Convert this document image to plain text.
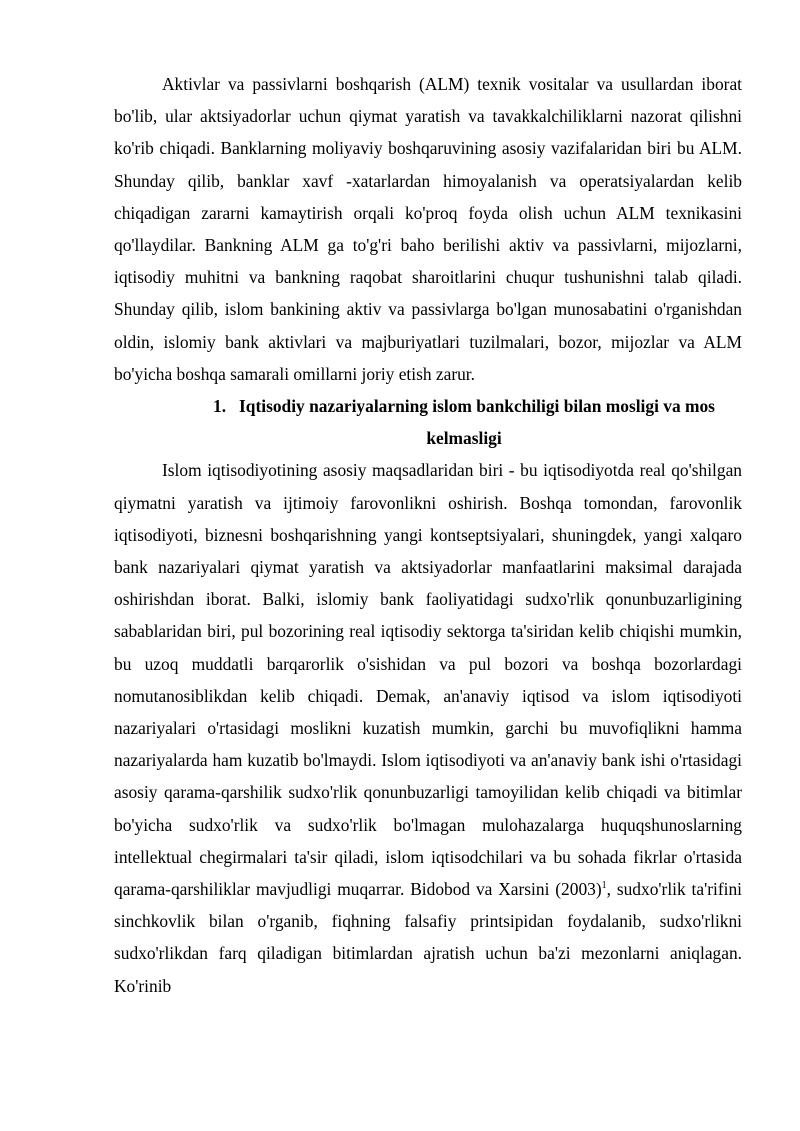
Aktivlar va passivlarni boshqarish (ALM) texnik vositalar va usullardan iborat bo'lib, ular aktsiyadorlar uchun qiymat yaratish va tavakkalchiliklarni nazorat qilishni ko'rib chiqadi. Banklarning moliyaviy boshqaruvining asosiy vazifalaridan biri bu ALM. Shunday qilib, banklar xavf -xatarlardan himoyalanish va operatsiyalardan kelib chiqadigan zararni kamaytirish orqali ko'proq foyda olish uchun ALM texnikasini qo'llaydilar. Bankning ALM ga to'g'ri baho berilishi aktiv va passivlarni, mijozlarni, iqtisodiy muhitni va bankning raqobat sharoitlarini chuqur tushunishni talab qiladi. Shunday qilib, islom bankining aktiv va passivlarga bo'lgan munosabatini o'rganishdan oldin, islomiy bank aktivlari va majburiyatlari tuzilmalari, bozor, mijozlar va ALM bo'yicha boshqa samarali omillarni joriy etish zarur.

1. Iqtisodiy nazariyalarning islom bankchiligi bilan mosligi va mos kelmasligi

Islom iqtisodiyotining asosiy maqsadlaridan biri - bu iqtisodiyotda real qo'shilgan qiymatni yaratish va ijtimoiy farovonlikni oshirish. Boshqa tomondan, farovonlik iqtisodiyoti, biznesni boshqarishning yangi kontseptsiyalari, shuningdek, yangi xalqaro bank nazariyalari qiymat yaratish va aktsiyadorlar manfaatlarini maksimal darajada oshirishdan iborat. Balki, islomiy bank faoliyatidagi sudxo'rlik qonunbuzarligining sabablaridan biri, pul bozorining real iqtisodiy sektorga ta'siridan kelib chiqishi mumkin, bu uzoq muddatli barqarorlik o'sishidan va pul bozori va boshqa bozorlardagi nomutanosiblikdan kelib chiqadi. Demak, an'anaviy iqtisod va islom iqtisodiyoti nazariyalari o'rtasidagi moslikni kuzatish mumkin, garchi bu muvofiqlikni hamma nazariyalarda ham kuzatib bo'lmaydi. Islom iqtisodiyoti va an'anaviy bank ishi o'rtasidagi asosiy qarama-qarshilik sudxo'rlik qonunbuzarligi tamoyilidan kelib chiqadi va bitimlar bo'yicha sudxo'rlik va sudxo'rlik bo'lmagan mulohazalarga huquqshunoslarning intellektual chegirmalari ta'sir qiladi, islom iqtisodchilari va bu sohada fikrlar o'rtasida qarama-qarshiliklar mavjudligi muqarrar. Bidobod va Xarsini $(2003)^1$, sudxo'rlik ta'rifini sinchkovlik bilan o'rganib, fiqhning falsafiy printsipidan foydalanib, sudxo'rlikni sudxo'rlikdan farq qiladigan bitimlardan ajratish uchun ba'zi mezonlarni aniqlagan. Ko'rinib
